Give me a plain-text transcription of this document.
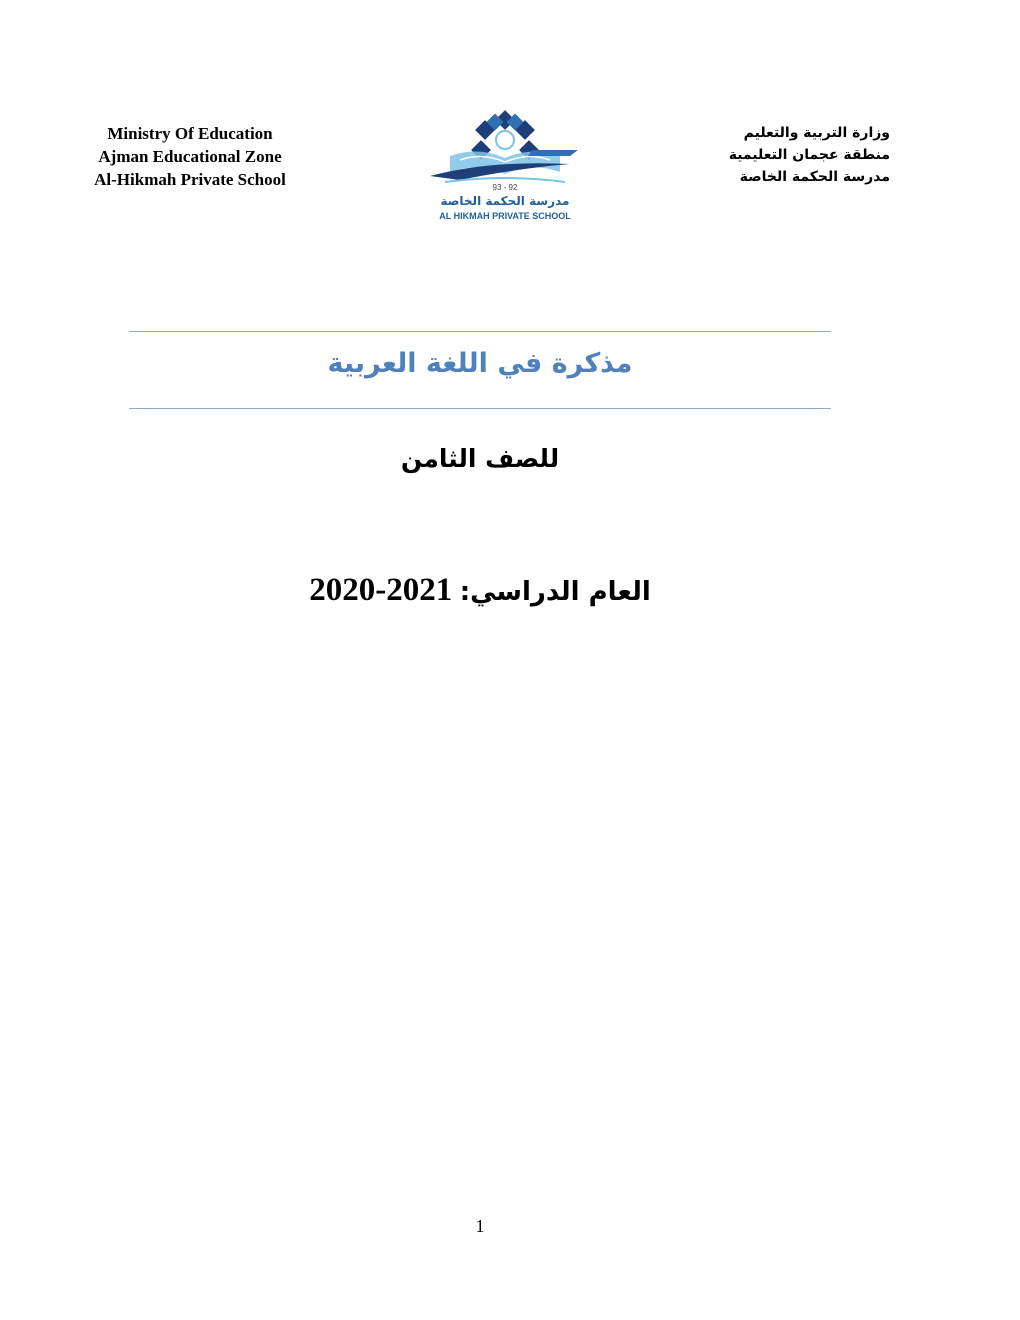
Ministry Of Education
Ajman Educational Zone
Al-Hikmah Private School	93 - 92
مدرسة الحكمة الخاصة
AL HIKMAH PRIVATE SCHOOL
وزارة التربية والتعليم
منطقة عجمان التعليمية
مدرسة الحكمة الخاصة
مذكرة في اللغة العربية
للصف الثامن
العام الدراسي: 2020-2021
1
